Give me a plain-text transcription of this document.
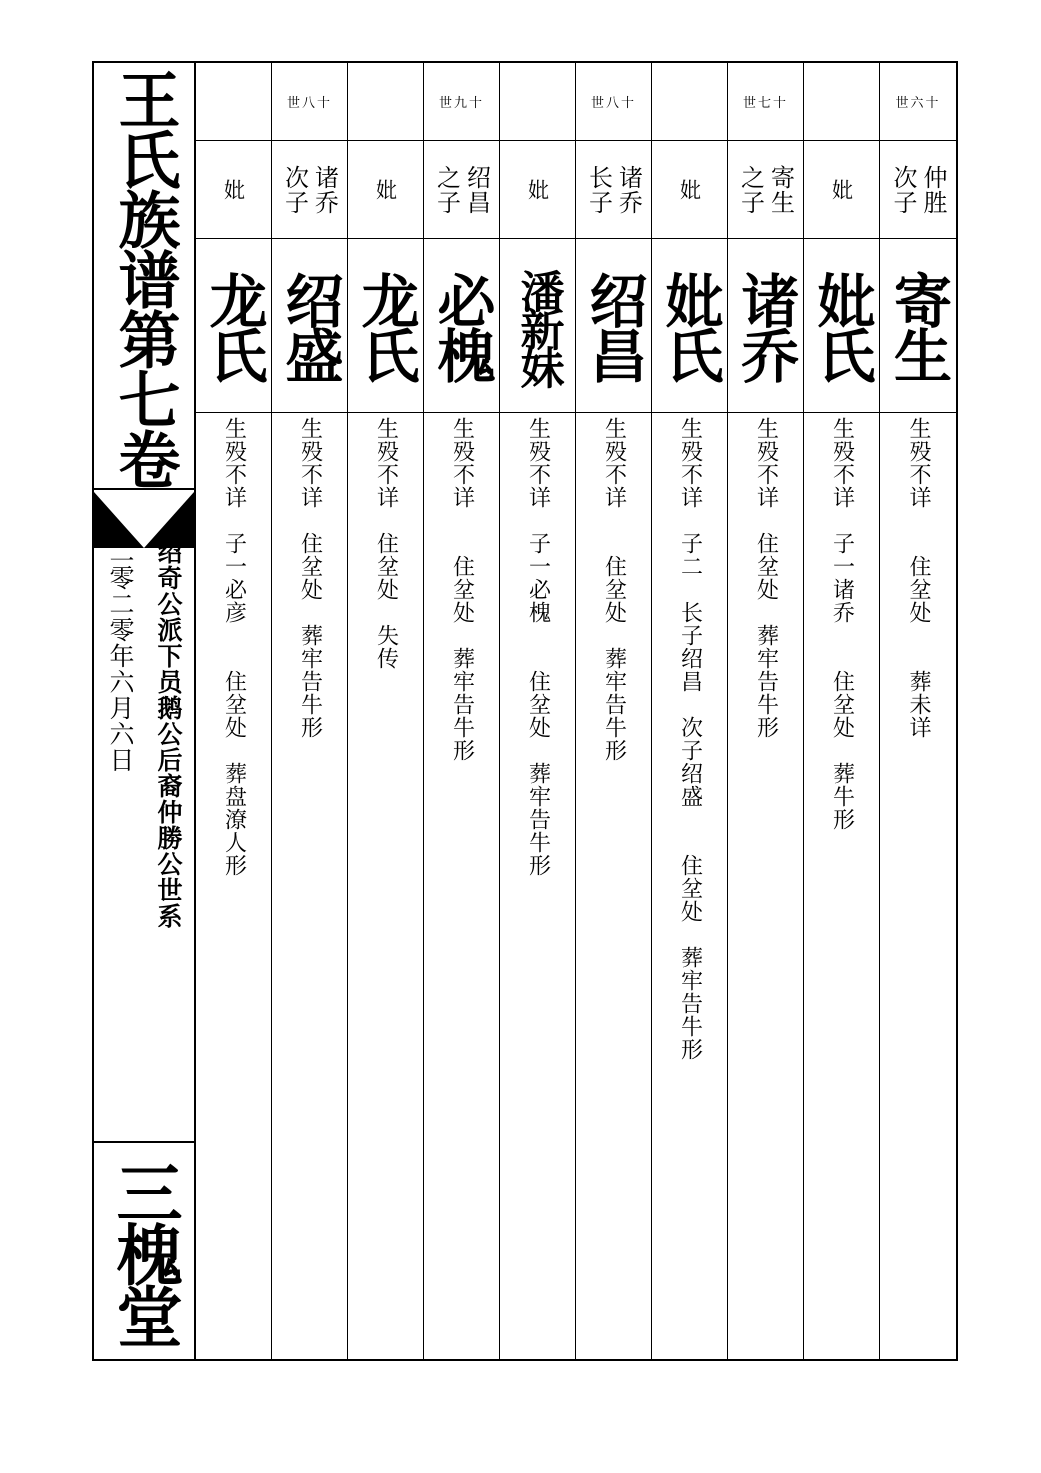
王氏族谱第七卷
绍奇公派下员鹅公后裔仲勝公世系
二零二零年六月六日
三槐堂
妣
龙氏
生殁不详　子一必彦　　住坌处　葬盘潦人形
世八十
诸乔
次子
绍盛
生殁不详　住坌处　葬牢告牛形
妣
龙氏
生殁不详　住坌处　失传
世九十
绍昌
之子
必槐
生殁不详　　住坌处　葬牢告牛形
妣
潘新妹
生殁不详　子一必槐　　住坌处　葬牢告牛形
世八十
诸乔
长子
绍昌
生殁不详　　住坌处　葬牢告牛形
妣
妣氏
生殁不详　子二　长子绍昌　次子绍盛　　住坌处　葬牢告牛形
世七十
寄生
之子
诸乔
生殁不详　住坌处　葬牢告牛形
妣
妣氏
生殁不详　子一诸乔　　住坌处　葬牛形
世六十
仲胜
次子
寄生
生殁不详　　住坌处　　葬未详
